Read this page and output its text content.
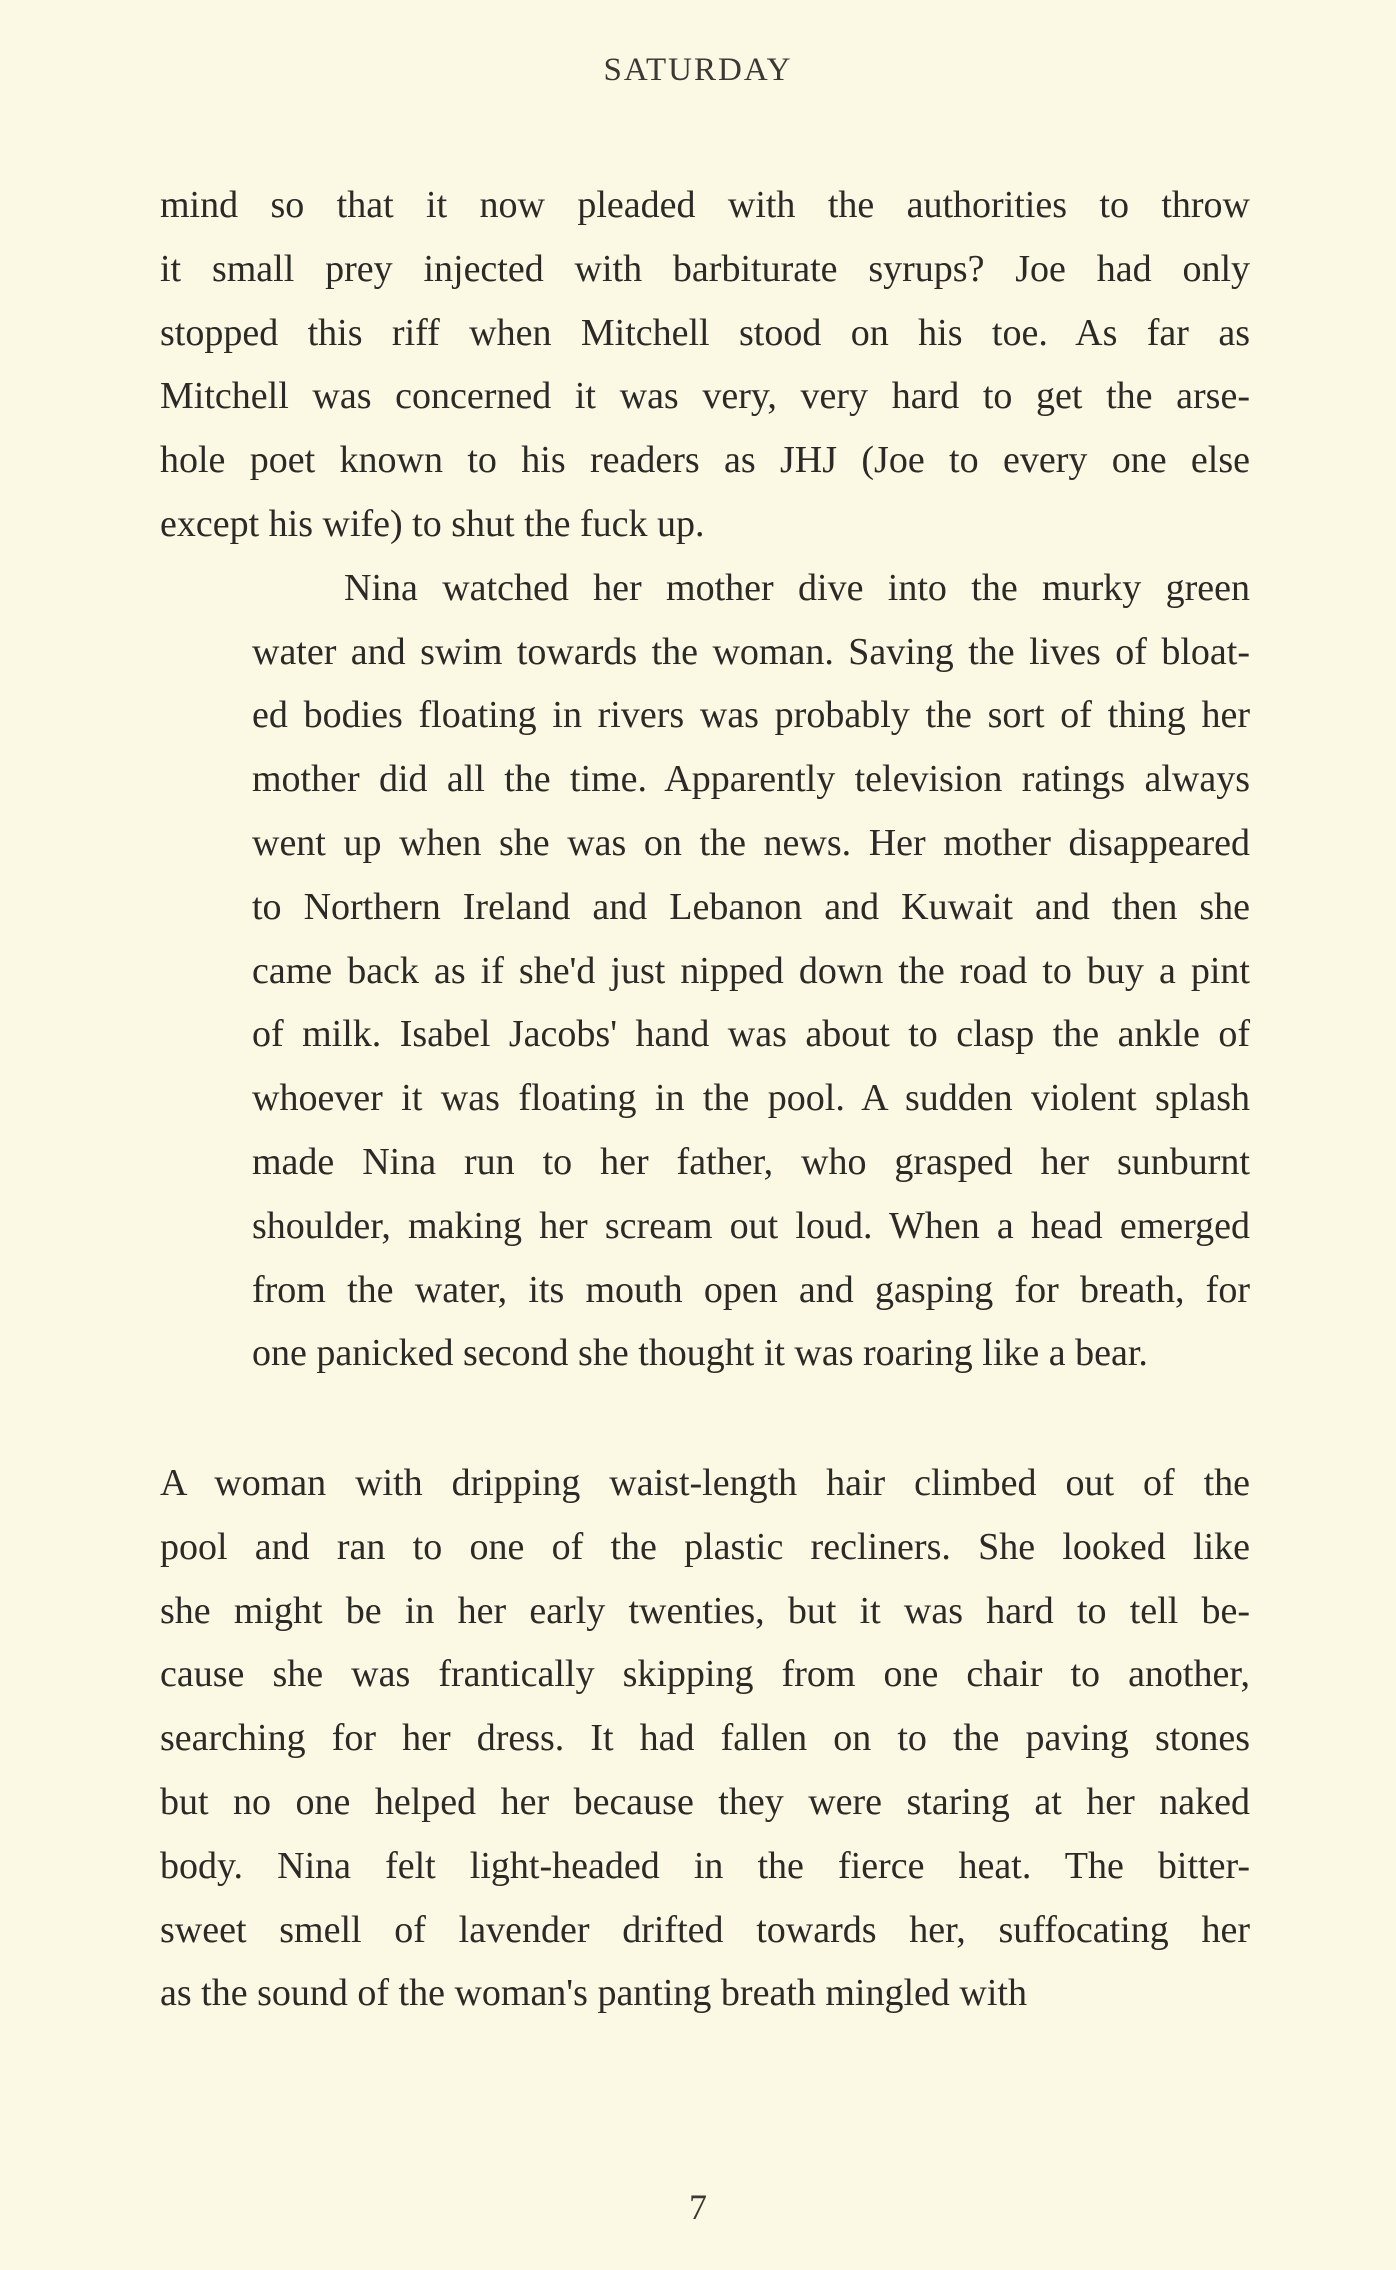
SATURDAY

mind so that it now pleaded with the authorities to throw
it small prey injected with barbiturate syrups? Joe had only
stopped this riff when Mitchell stood on his toe. As far as
Mitchell was concerned it was very, very hard to get the arse-
hole poet known to his readers as JHJ (Joe to every one else
except his wife) to shut the fuck up.

Nina watched her mother dive into the murky green
water and swim towards the woman. Saving the lives of bloat-
ed bodies floating in rivers was probably the sort of thing her
mother did all the time. Apparently television ratings always
went up when she was on the news. Her mother disappeared
to Northern Ireland and Lebanon and Kuwait and then she
came back as if she'd just nipped down the road to buy a pint
of milk. Isabel Jacobs' hand was about to clasp the ankle of
whoever it was floating in the pool. A sudden violent splash
made Nina run to her father, who grasped her sunburnt
shoulder, making her scream out loud. When a head emerged
from the water, its mouth open and gasping for breath, for
one panicked second she thought it was roaring like a bear.

A woman with dripping waist-length hair climbed out of the
pool and ran to one of the plastic recliners. She looked like
she might be in her early twenties, but it was hard to tell be-
cause she was frantically skipping from one chair to another,
searching for her dress. It had fallen on to the paving stones
but no one helped her because they were staring at her naked
body. Nina felt light-headed in the fierce heat. The bitter-
sweet smell of lavender drifted towards her, suffocating her
as the sound of the woman's panting breath mingled with

7
